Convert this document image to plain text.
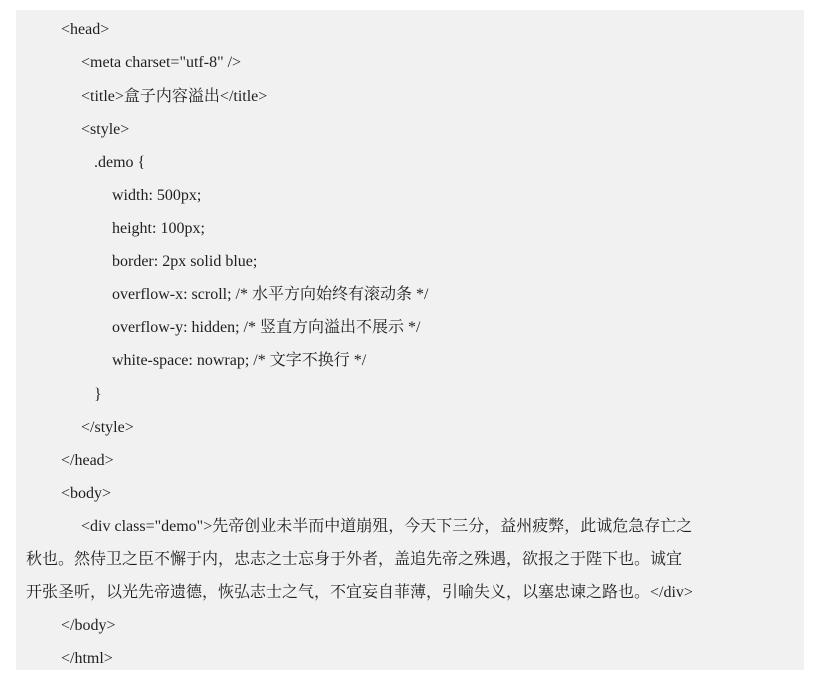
<head>
<meta charset="utf-8" />
<title>盒子内容溢出</title>
<style>
.demo {
width: 500px;
height: 100px;
border: 2px solid blue;
overflow-x: scroll; /* 水平方向始终有滚动条 */
overflow-y: hidden; /* 竖直方向溢出不展示 */
white-space: nowrap; /* 文字不换行 */
}
</style>
</head>
<body>
<div class="demo">先帝创业未半而中道崩殂，今天下三分，益州疲弊，此诚危急存亡之
秋也。然侍卫之臣不懈于内，忠志之士忘身于外者，盖追先帝之殊遇，欲报之于陛下也。诚宜
开张圣听，以光先帝遗德，恢弘志士之气，不宜妄自菲薄，引喻失义，以塞忠谏之路也。</div>
</body>
</html>
